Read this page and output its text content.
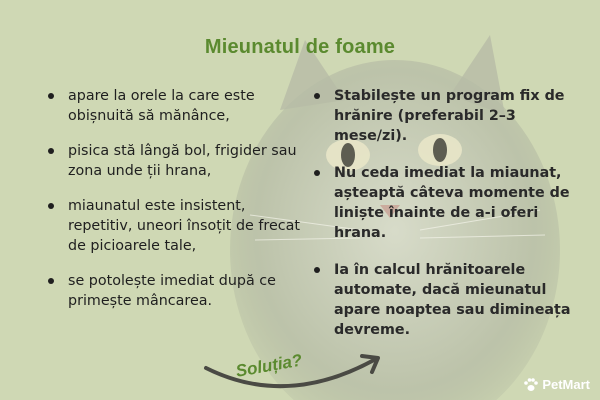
Mieunatul de foame
apare la orele la care este obișnuită să mănânce,
pisica stă lângă bol, frigider sau zona unde ții hrana,
miaunatul este insistent, repetitiv, uneori însoțit de frecat de picioarele tale,
se potolește imediat după ce primește mâncarea.
Stabilește un program fix de hrănire (preferabil 2–3 mese/zi).
Nu ceda imediat la miaunat, așteaptă câteva momente de liniște înainte de a-i oferi hrana.
Ia în calcul hrănitoarele automate, dacă mieunatul apare noaptea sau dimineața devreme.
Soluția?
PetMart
